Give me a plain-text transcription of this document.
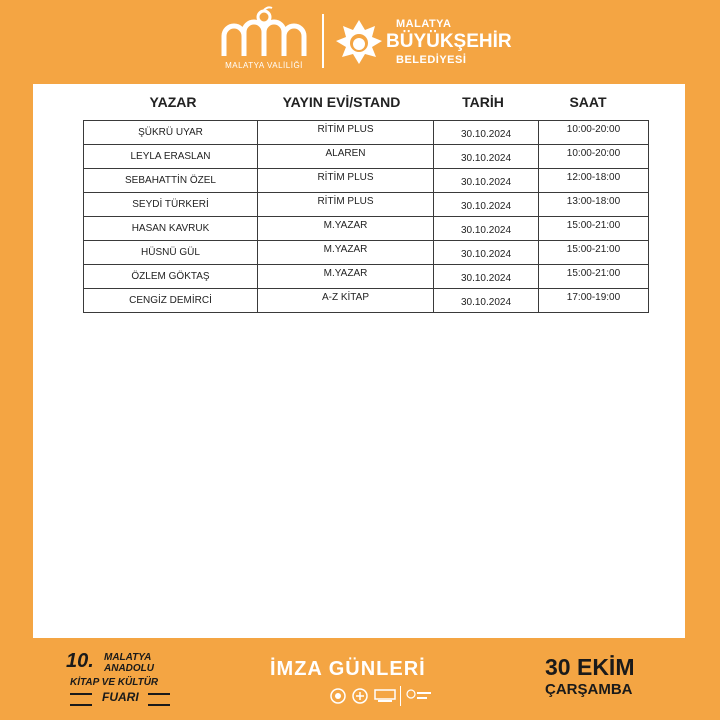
MALATYA VALİLİĞİ
MALATYA
BÜYÜKŞEHİR
BELEDİYESİ
YAZAR	YAYIN EVİ/STAND	TARİH	SAAT
ŞÜKRÜ UYAR	RİTİM PLUS	30.10.2024	10:00-20:00
LEYLA ERASLAN	ALAREN	30.10.2024	10:00-20:00
SEBAHATTİN ÖZEL	RİTİM PLUS	30.10.2024	12:00-18:00
SEYDİ TÜRKERİ	RİTİM PLUS	30.10.2024	13:00-18:00
HASAN KAVRUK	M.YAZAR	30.10.2024	15:00-21:00
HÜSNÜ GÜL	M.YAZAR	30.10.2024	15:00-21:00
ÖZLEM GÖKTAŞ	M.YAZAR	30.10.2024	15:00-21:00
CENGİZ DEMİRCİ	A-Z KİTAP	30.10.2024	17:00-19:00
10. MALATYA
ANADOLU
KİTAP VE KÜLTÜR
FUARI
İMZA GÜNLERİ	30 EKİM
ÇARŞAMBA
